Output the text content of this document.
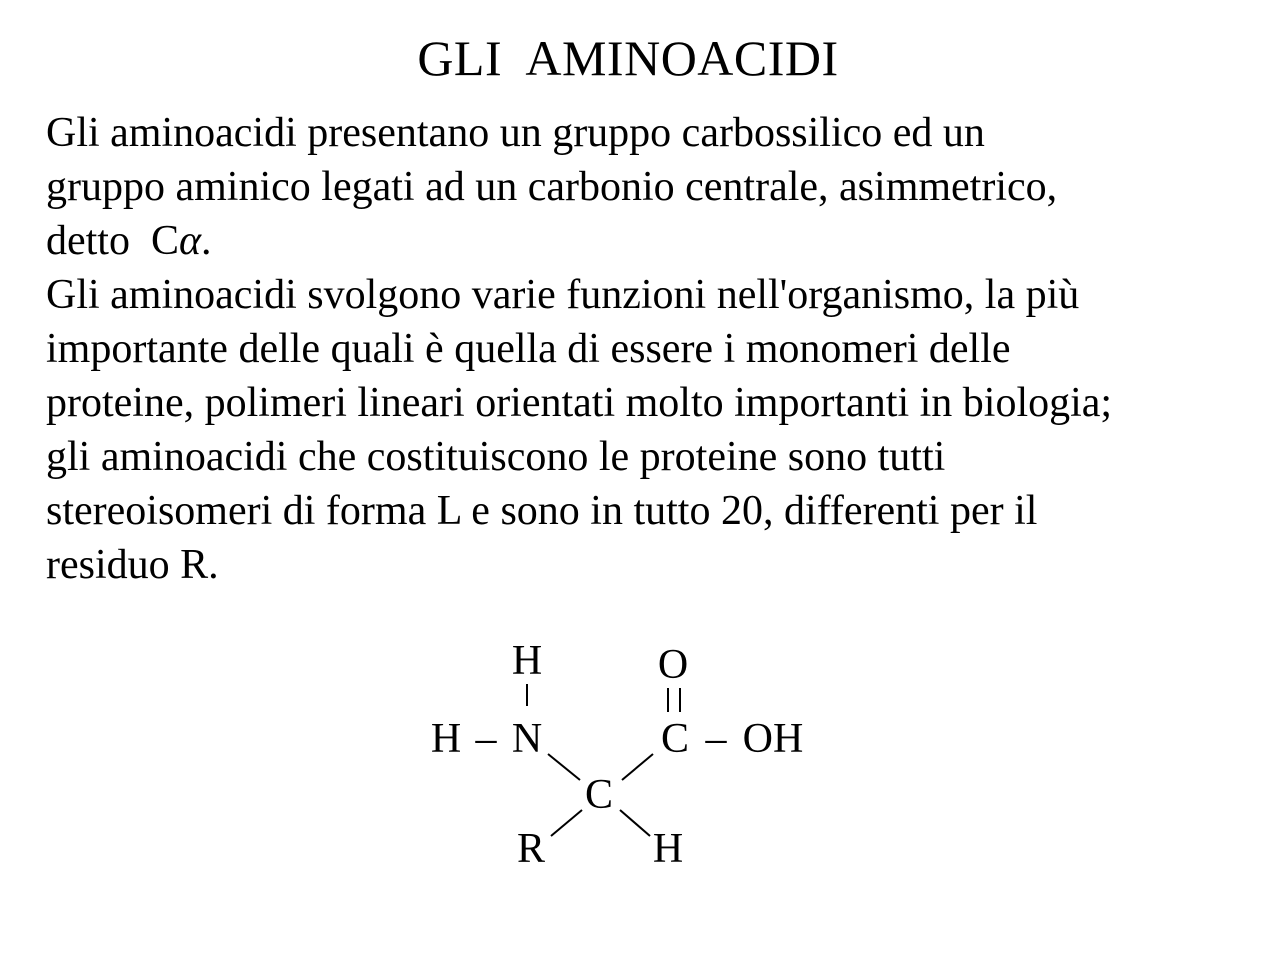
GLI  AMINOACIDI
Gli aminoacidi presentano un gruppo carbossilico ed un
gruppo aminico legati ad un carbonio centrale, asimmetrico,
detto  Cα.
Gli aminoacidi svolgono varie funzioni nell'organismo, la più
importante delle quali è quella di essere i monomeri delle
proteine, polimeri lineari orientati molto importanti in biologia;
gli aminoacidi che costituiscono le proteine sono tutti
stereoisomeri di forma L e sono in tutto 20, differenti per il
residuo R.
H
H – N
C
R	H
C
O
– OH
